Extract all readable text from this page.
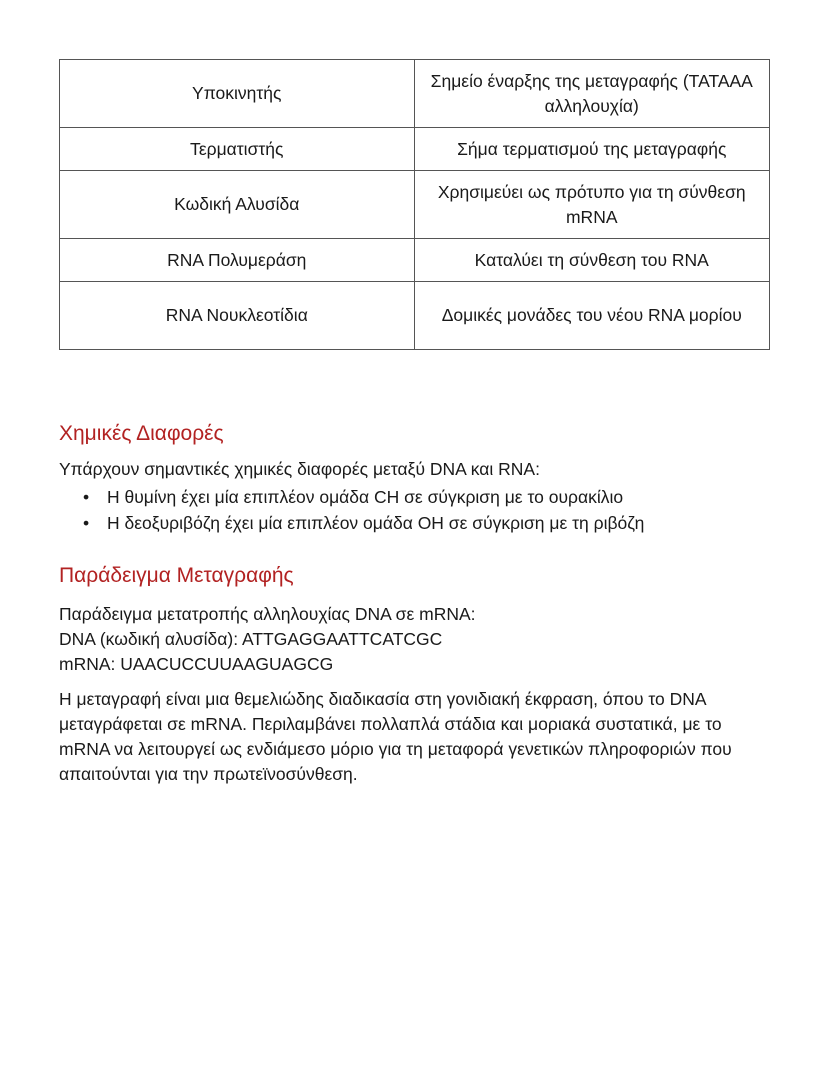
Υποκινητής	Σημείο έναρξης της μεταγραφής (TATAAA αλληλουχία)
Τερματιστής	Σήμα τερματισμού της μεταγραφής
Κωδική Αλυσίδα	Χρησιμεύει ως πρότυπο για τη σύνθεση mRNA
RNA Πολυμεράση	Καταλύει τη σύνθεση του RNA
RNA Νουκλεοτίδια	Δομικές μονάδες του νέου RNA μορίου
Χημικές Διαφορές

Υπάρχουν σημαντικές χημικές διαφορές μεταξύ DNA και RNA:

• Η θυμίνη έχει μία επιπλέον ομάδα CH σε σύγκριση με το ουρακίλιο
• Η δεοξυριβόζη έχει μία επιπλέον ομάδα OH σε σύγκριση με τη ριβόζη
Παράδειγμα Μεταγραφής

Παράδειγμα μετατροπής αλληλουχίας DNA σε mRNA:

DNA (κωδική αλυσίδα): ATTGAGGAATTCATCGC

mRNA: UAACUCCUUAAGUAGCG

Η μεταγραφή είναι μια θεμελιώδης διαδικασία στη γονιδιακή έκφραση, όπου το DNA μεταγράφεται σε mRNA. Περιλαμβάνει πολλαπλά στάδια και μοριακά συστατικά, με το mRNA να λειτουργεί ως ενδιάμεσο μόριο για τη μεταφορά γενετικών πληροφοριών που απαιτούνται για την πρωτεϊνοσύνθεση.
